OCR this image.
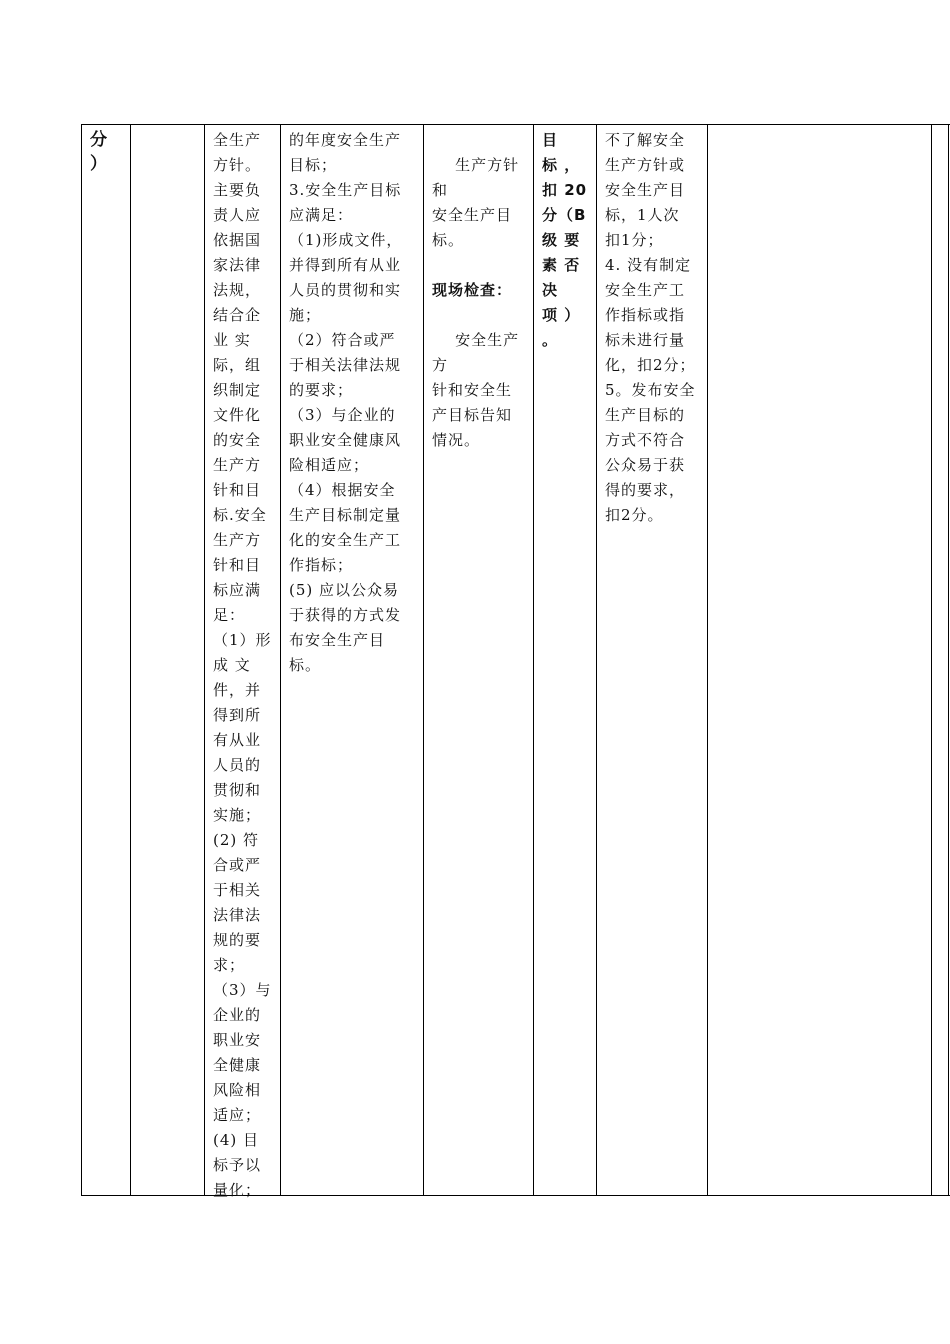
分
）
全生产
方针。
主要负
责人应
依据国
家法律
法规，
结合企
业 实
际，组
织制定
文件化
的安全
生产方
针和目
标.安全
生产方
针和目
标应满
足：
（1）形
成 文
件，并
得到所
有从业
人员的
贯彻和
实施；
(2) 符
合或严
于相关
法律法
规的要
求；
（3）与
企业的
职业安
全健康
风险相
适应；
(4) 目
标予以
量化；
的年度安全生产
目标；
3.安全生产目标
应满足：
（1)形成文件，
并得到所有从业
人员的贯彻和实
施；
（2）符合或严
于相关法律法规
的要求；
（3）与企业的
职业安全健康风
险相适应；
（4）根据安全
生产目标制定量
化的安全生产工
作指标；
(5) 应以公众易
于获得的方式发
布安全生产目
标。

生产方针和
安全生产目
标。

现场检查：

安全生产方
针和安全生
产目标告知
情况。

目
标 ，
扣 20
分（B
级 要
素 否
决
项 ）
。
不了解安全
生产方针或
安全生产目
标，1人次
扣1分；
4. 没有制定
安全生产工
作指标或指
标未进行量
化，扣2分；
5。发布安全
生产目标的
方式不符合
公众易于获
得的要求，
扣2分。
